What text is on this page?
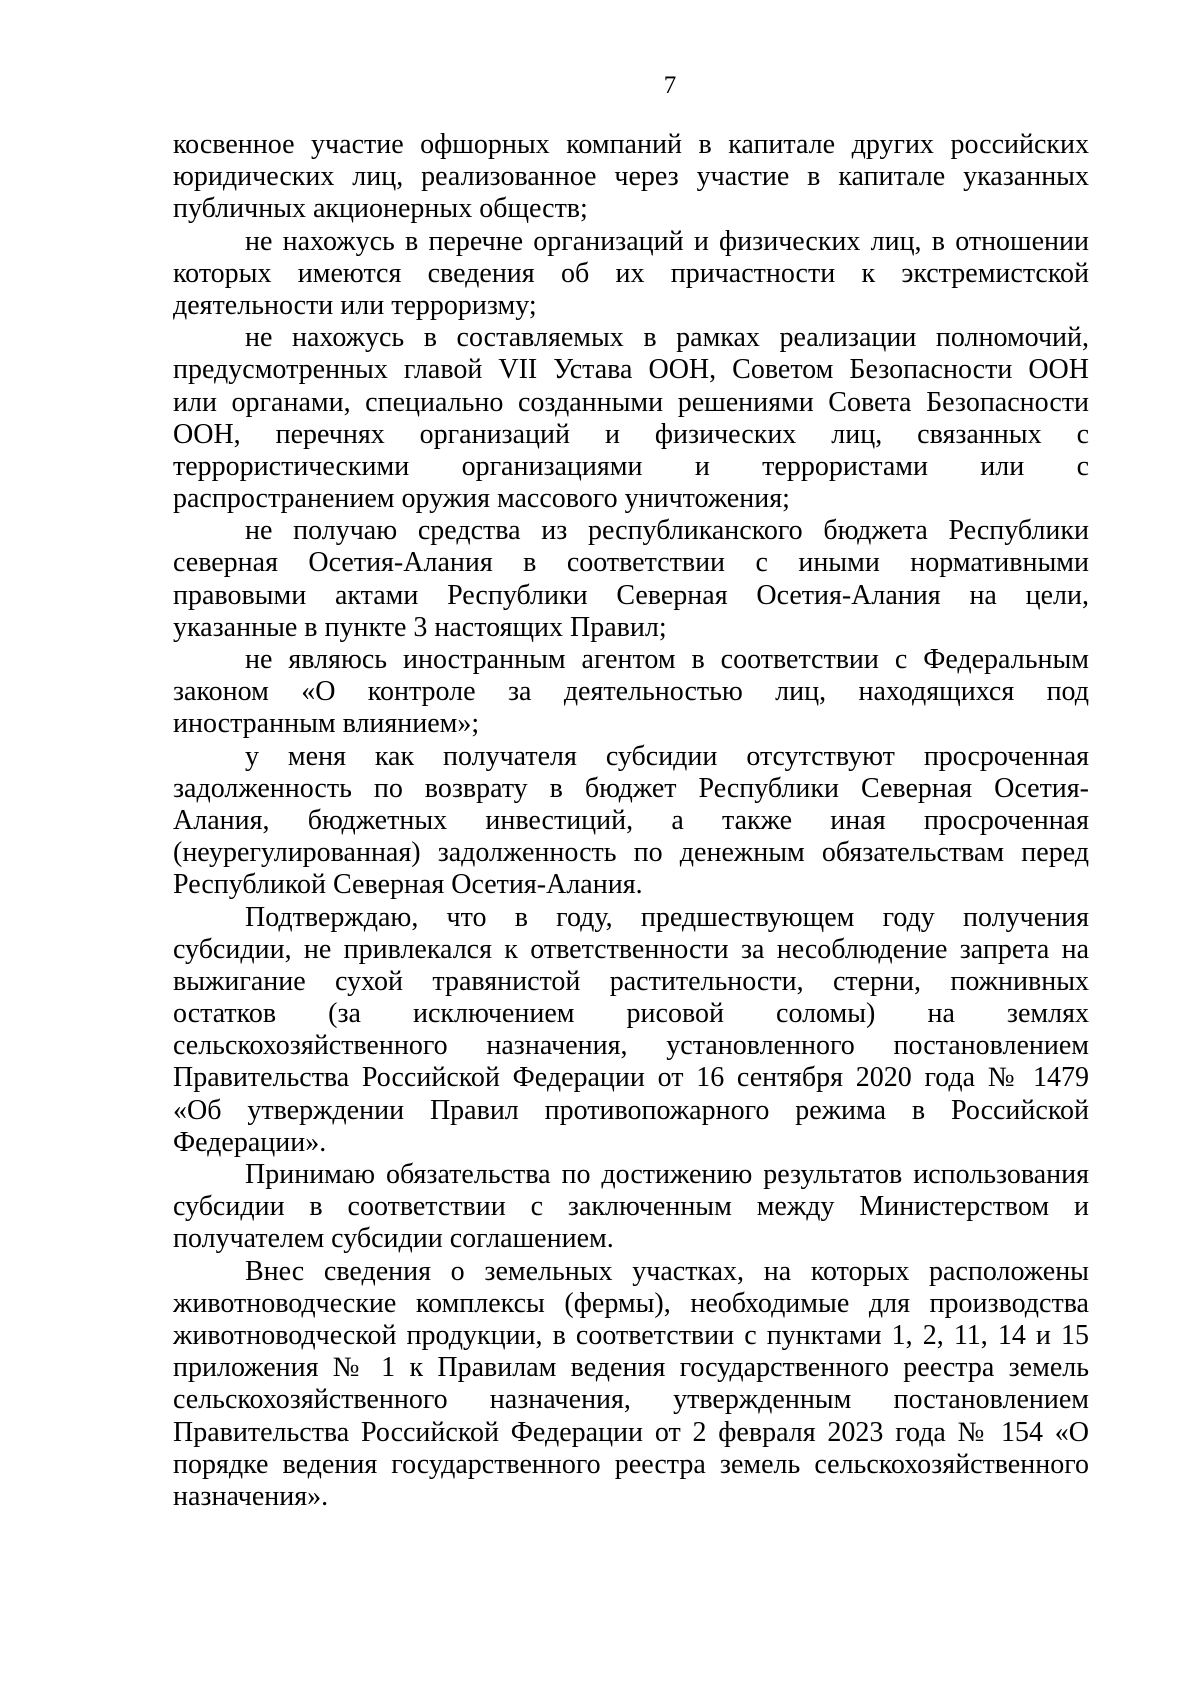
7
косвенное участие офшорных компаний в капитале других российских
юридических лиц, реализованное через участие в капитале указанных
публичных акционерных обществ;
не нахожусь в перечне организаций и физических лиц, в отношении
которых имеются сведения об их причастности к экстремистской
деятельности или терроризму;
не нахожусь в составляемых в рамках реализации полномочий,
предусмотренных главой VII Устава ООН, Советом Безопасности ООН
или органами, специально созданными решениями Совета Безопасности
ООН, перечнях организаций и физических лиц, связанных с
террористическими организациями и террористами или с
распространением оружия массового уничтожения;
не получаю средства из республиканского бюджета Республики
северная Осетия-Алания в соответствии с иными нормативными
правовыми актами Республики Северная Осетия-Алания на цели,
указанные в пункте 3 настоящих Правил;
не являюсь иностранным агентом в соответствии с Федеральным
законом «О контроле за деятельностью лиц, находящихся под
иностранным влиянием»;
у меня как получателя субсидии отсутствуют просроченная
задолженность по возврату в бюджет Республики Северная Осетия-
Алания, бюджетных инвестиций, а также иная просроченная
(неурегулированная) задолженность по денежным обязательствам перед
Республикой Северная Осетия-Алания.
Подтверждаю, что в году, предшествующем году получения
субсидии, не привлекался к ответственности за несоблюдение запрета на
выжигание сухой травянистой растительности, стерни, пожнивных
остатков (за исключением рисовой соломы) на землях
сельскохозяйственного назначения, установленного постановлением
Правительства Российской Федерации от 16 сентября 2020 года № 1479
«Об утверждении Правил противопожарного режима в Российской
Федерации».
Принимаю обязательства по достижению результатов использования
субсидии в соответствии с заключенным между Министерством и
получателем субсидии соглашением.
Внес сведения о земельных участках, на которых расположены
животноводческие комплексы (фермы), необходимые для производства
животноводческой продукции, в соответствии с пунктами 1, 2, 11, 14 и 15
приложения № 1 к Правилам ведения государственного реестра земель
сельскохозяйственного назначения, утвержденным постановлением
Правительства Российской Федерации от 2 февраля 2023 года № 154 «О
порядке ведения государственного реестра земель сельскохозяйственного
назначения».
